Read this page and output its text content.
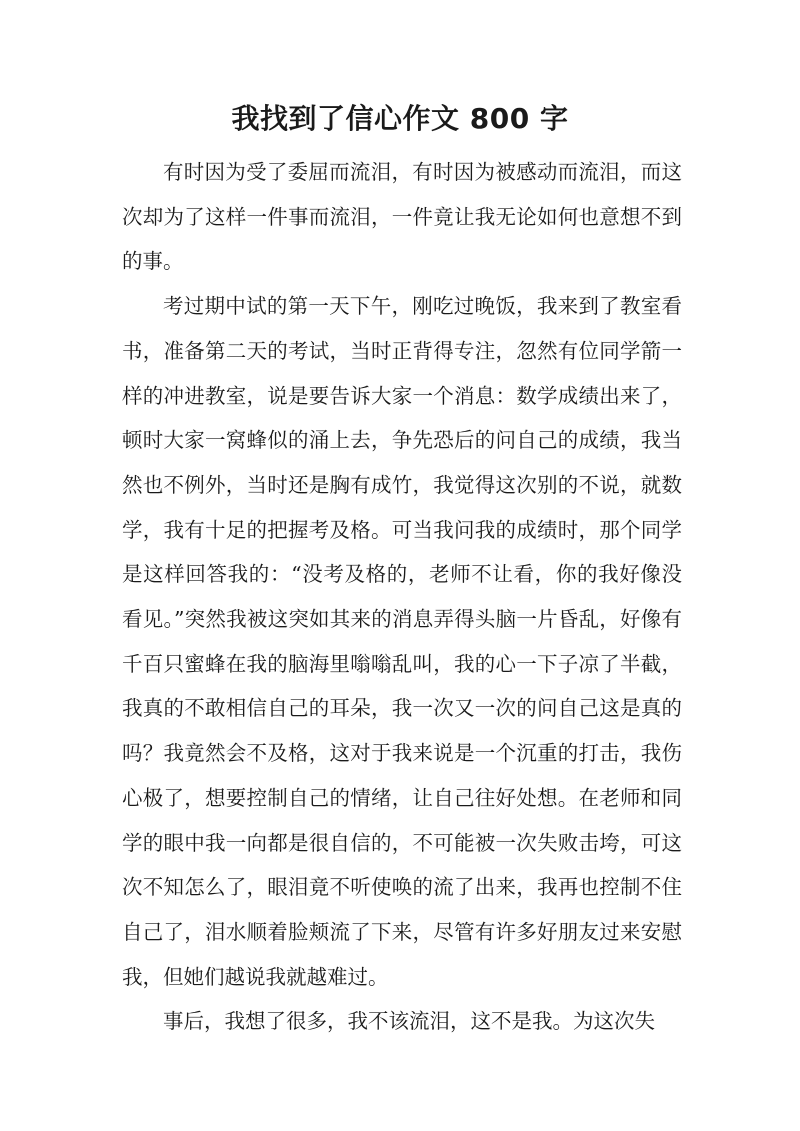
我找到了信心作文 800 字

有时因为受了委屈而流泪，有时因为被感动而流泪，而这次却为了这样一件事而流泪，一件竟让我无论如何也意想不到的事。

考过期中试的第一天下午，刚吃过晚饭，我来到了教室看书，准备第二天的考试，当时正背得专注，忽然有位同学箭一样的冲进教室，说是要告诉大家一个消息：数学成绩出来了，顿时大家一窝蜂似的涌上去，争先恐后的问自己的成绩，我当然也不例外，当时还是胸有成竹，我觉得这次别的不说，就数学，我有十足的把握考及格。可当我问我的成绩时，那个同学是这样回答我的：“没考及格的，老师不让看，你的我好像没看见。”突然我被这突如其来的消息弄得头脑一片昏乱，好像有千百只蜜蜂在我的脑海里嗡嗡乱叫，我的心一下子凉了半截，我真的不敢相信自己的耳朵，我一次又一次的问自己这是真的吗？我竟然会不及格，这对于我来说是一个沉重的打击，我伤心极了，想要控制自己的情绪，让自己往好处想。在老师和同学的眼中我一向都是很自信的，不可能被一次失败击垮，可这次不知怎么了，眼泪竟不听使唤的流了出来，我再也控制不住自己了，泪水顺着脸颊流了下来，尽管有许多好朋友过来安慰我，但她们越说我就越难过。

事后，我想了很多，我不该流泪，这不是我。为这次失
